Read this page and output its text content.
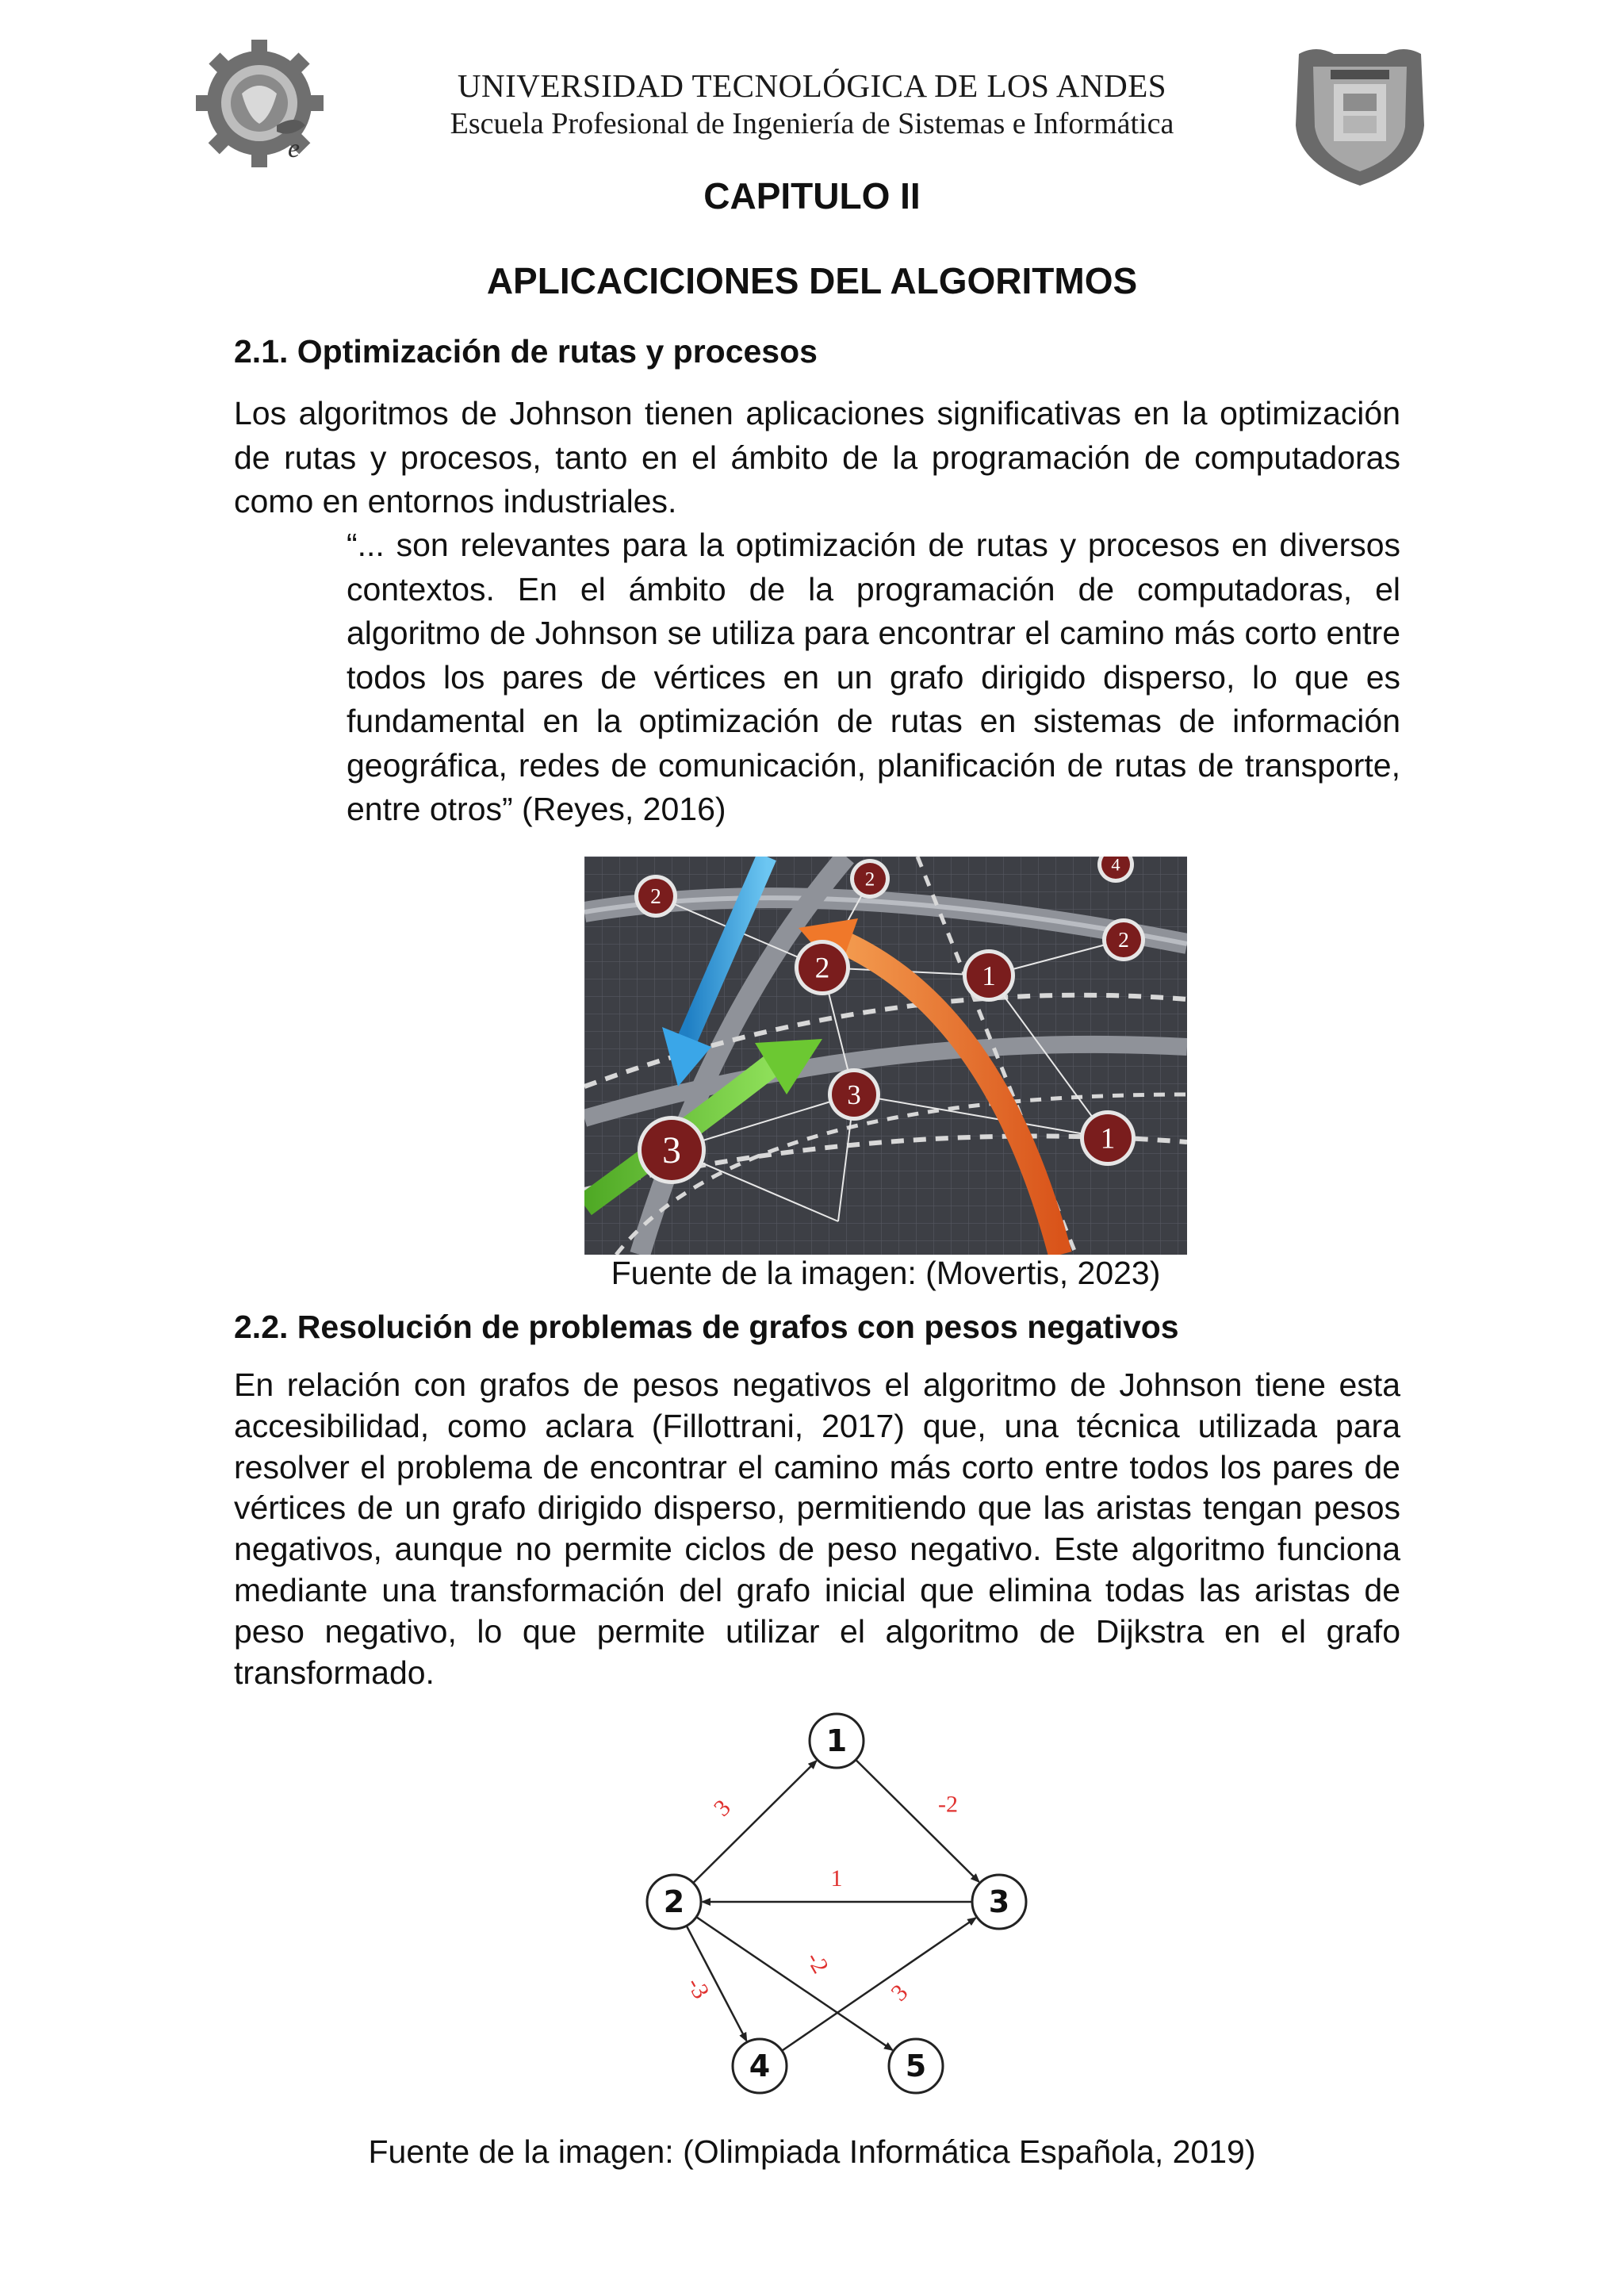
e
UNIVERSIDAD TECNOLÓGICA DE LOS ANDES
Escuela Profesional de Ingeniería de Sistemas e Informática
CAPITULO II
APLICACICIONES DEL ALGORITMOS
2.1. Optimización de rutas y procesos

Los algoritmos de Johnson tienen aplicaciones significativas en la optimización de rutas y procesos, tanto en el ámbito de la programación de computadoras como en entornos industriales.

“... son relevantes para la optimización de rutas y procesos en diversos contextos. En el ámbito de la programación de computadoras, el algoritmo de Johnson se utiliza para encontrar el camino más corto entre todos los pares de vértices en un grafo dirigido disperso, lo que es fundamental en la optimización de rutas en sistemas de información geográfica, redes de comunicación, planificación de rutas de transporte, entre otros” (Reyes, 2016)

2
2
4
2
1
2
3
1
3
Fuente de la imagen: (Movertis, 2023)
2.2. Resolución de problemas de grafos con pesos negativos

En relación con grafos de pesos negativos el algoritmo de Johnson tiene esta accesibilidad, como aclara (Fillottrani, 2017) que, una técnica utilizada para resolver el problema de encontrar el camino más corto entre todos los pares de vértices de un grafo dirigido disperso, permitiendo que las aristas tengan pesos negativos, aunque no permite ciclos de peso negativo. Este algoritmo funciona mediante una transformación del grafo inicial que elimina todas las aristas de peso negativo, lo que permite utilizar el algoritmo de Dijkstra en el grafo transformado.

3	-2
1
-3
-2
3
1
2	3
4	5
Fuente de la imagen: (Olimpiada Informática Española, 2019)
